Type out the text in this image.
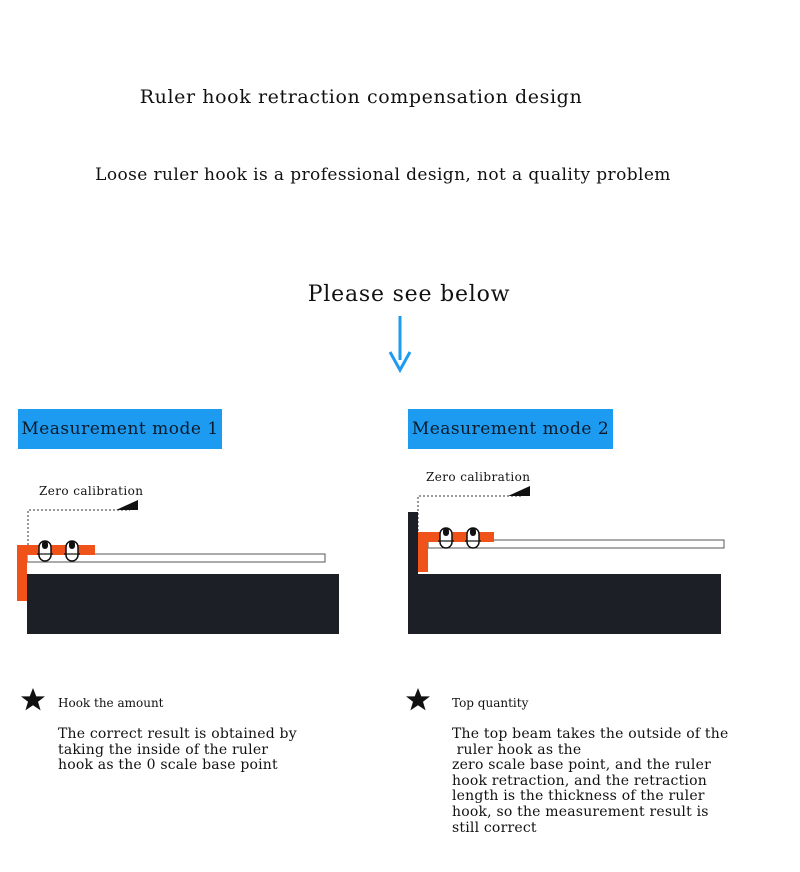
Ruler hook retraction compensation design
Loose ruler hook is a professional design, not a quality problem
Please see below
Measurement mode 1
Zero calibration
Hook the amount
The correct result is obtained by
taking the inside of the ruler
hook as the 0 scale base point
Measurement mode 2
Zero calibration
Top quantity
The top beam takes the outside of the
ruler hook as the
zero scale base point, and the ruler
hook retraction, and the retraction
length is the thickness of the ruler
hook, so the measurement result is
still correct
